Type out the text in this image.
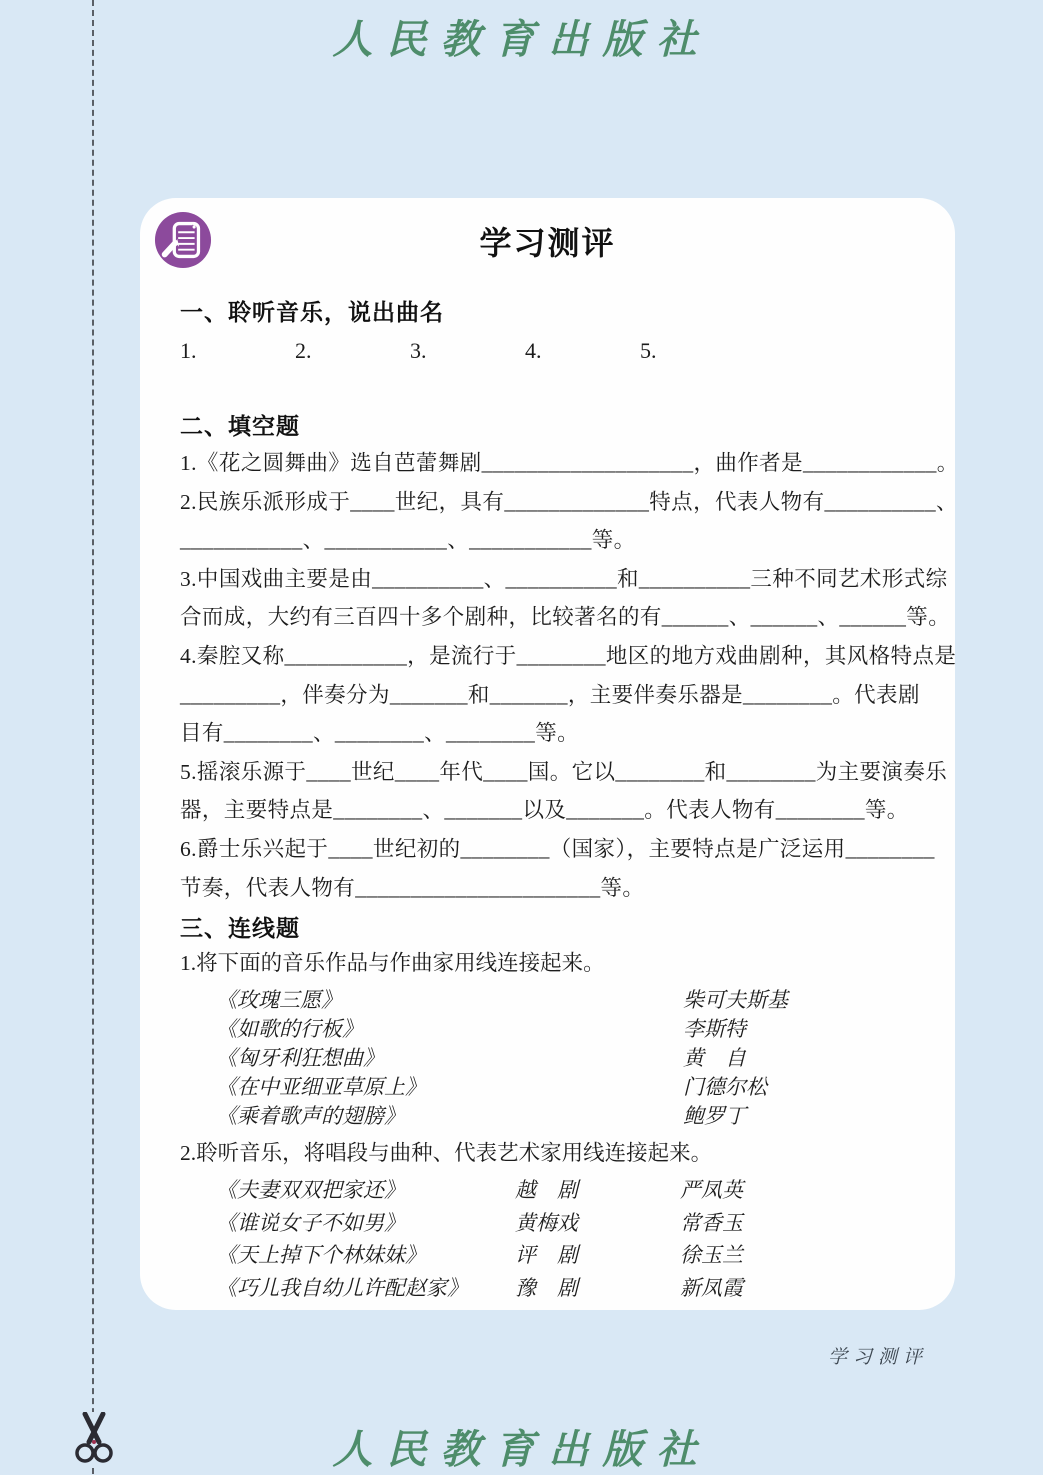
人民教育出版社
人民教育出版社
学习测评
一、聆听音乐，说出曲名
1.	2.	3.	4.	5.
二、填空题
1.《花之圆舞曲》选自芭蕾舞剧___________________，曲作者是____________。
2.民族乐派形成于____世纪，具有_____________特点，代表人物有__________、
___________、___________、___________等。
3.中国戏曲主要是由__________、__________和__________三种不同艺术形式综
合而成，大约有三百四十多个剧种，比较著名的有______、______、______等。
4.秦腔又称___________，是流行于________地区的地方戏曲剧种，其风格特点是
_________，伴奏分为_______和_______，主要伴奏乐器是________。代表剧
目有________、________、________等。
5.摇滚乐源于____世纪____年代____国。它以________和________为主要演奏乐
器，主要特点是________、_______以及_______。代表人物有________等。
6.爵士乐兴起于____世纪初的________（国家），主要特点是广泛运用________
节奏，代表人物有______________________等。
三、连线题
1.将下面的音乐作品与作曲家用线连接起来。
《玫瑰三愿》	柴可夫斯基
《如歌的行板》	李斯特
《匈牙利狂想曲》	黄　自
《在中亚细亚草原上》	门德尔松
《乘着歌声的翅膀》	鲍罗丁
2.聆听音乐，将唱段与曲种、代表艺术家用线连接起来。
《夫妻双双把家还》	越　剧	严凤英
《谁说女子不如男》	黄梅戏	常香玉
《天上掉下个林妹妹》	评　剧	徐玉兰
《巧儿我自幼儿许配赵家》 豫　剧	新凤霞
学习测评
